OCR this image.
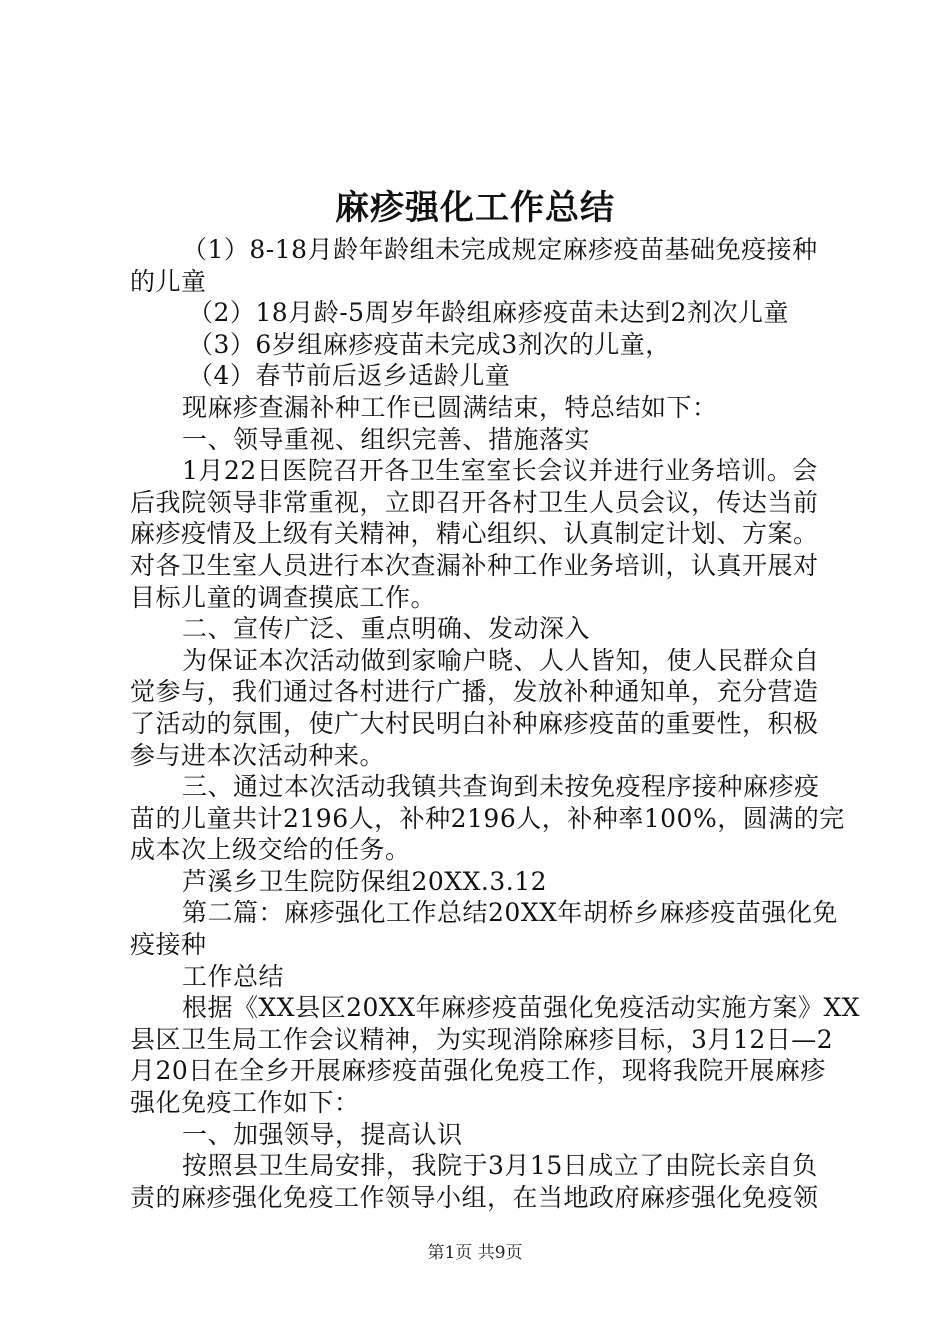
麻疹强化工作总结
（1）8-18月龄年龄组未完成规定麻疹疫苗基础免疫接种
的儿童
（2）18月龄-5周岁年龄组麻疹疫苗未达到2剂次儿童
（3）6岁组麻疹疫苗未完成3剂次的儿童，
（4）春节前后返乡适龄儿童
现麻疹查漏补种工作已圆满结束，特总结如下：
一、领导重视、组织完善、措施落实
1月22日医院召开各卫生室室长会议并进行业务培训。会
后我院领导非常重视，立即召开各村卫生人员会议，传达当前
麻疹疫情及上级有关精神，精心组织、认真制定计划、方案。
对各卫生室人员进行本次查漏补种工作业务培训，认真开展对
目标儿童的调查摸底工作。
二、宣传广泛、重点明确、发动深入
为保证本次活动做到家喻户晓、人人皆知，使人民群众自
觉参与，我们通过各村进行广播，发放补种通知单，充分营造
了活动的氛围，使广大村民明白补种麻疹疫苗的重要性，积极
参与进本次活动种来。
三、通过本次活动我镇共查询到未按免疫程序接种麻疹疫
苗的儿童共计2196人，补种2196人，补种率100%，圆满的完
成本次上级交给的任务。
芦溪乡卫生院防保组20XX.3.12
第二篇：麻疹强化工作总结20XX年胡桥乡麻疹疫苗强化免
疫接种
工作总结
根据《XX县区20XX年麻疹疫苗强化免疫活动实施方案》XX
县区卫生局工作会议精神，为实现消除麻疹目标，3月12日—2
月20日在全乡开展麻疹疫苗强化免疫工作，现将我院开展麻疹
强化免疫工作如下：
一、加强领导，提高认识
按照县卫生局安排，我院于3月15日成立了由院长亲自负
责的麻疹强化免疫工作领导小组，在当地政府麻疹强化免疫领
第1页 共9页
